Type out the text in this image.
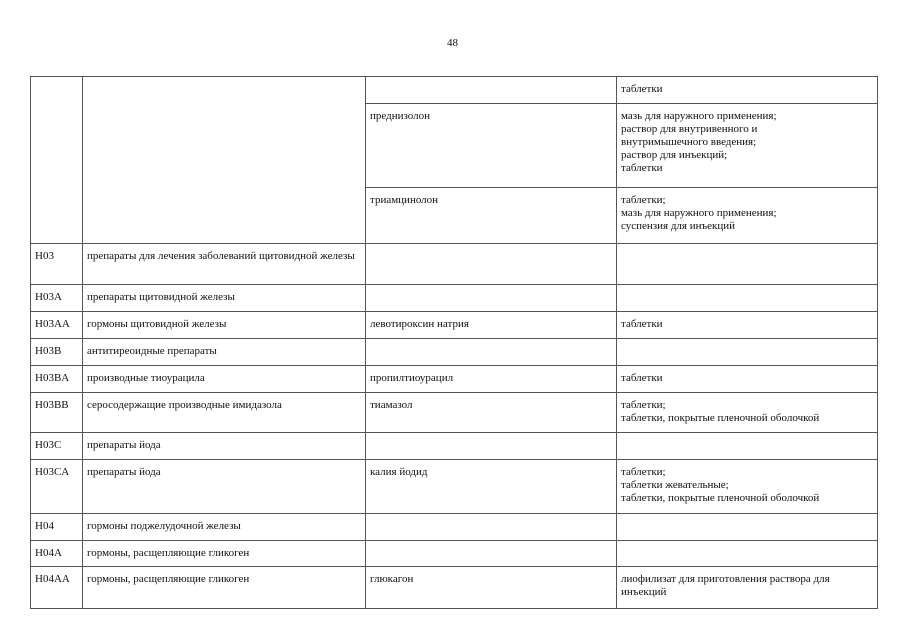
48
			таблетки
		преднизолон	мазь для наружного применения;
раствор для внутривенного и
внутримышечного введения;
раствор для инъекций;
таблетки
		триамцинолон	таблетки;
мазь для наружного применения;
суспензия для инъекций
H03	препараты для лечения заболеваний щитовидной железы		
H03A	препараты щитовидной железы		
H03AA	гормоны щитовидной железы	левотироксин натрия	таблетки
H03B	антитиреоидные препараты		
H03BA	производные тиоурацила	пропилтиоурацил	таблетки
H03BB	серосодержащие производные имидазола	тиамазол	таблетки;
таблетки, покрытые пленочной оболочкой
H03C	препараты йода		
H03CA	препараты йода	калия йодид	таблетки;
таблетки жевательные;
таблетки, покрытые пленочной оболочкой
H04	гормоны поджелудочной железы		
H04A	гормоны, расщепляющие гликоген		
H04AA	гормоны, расщепляющие гликоген	глюкагон	лиофилизат для приготовления раствора для инъекций
